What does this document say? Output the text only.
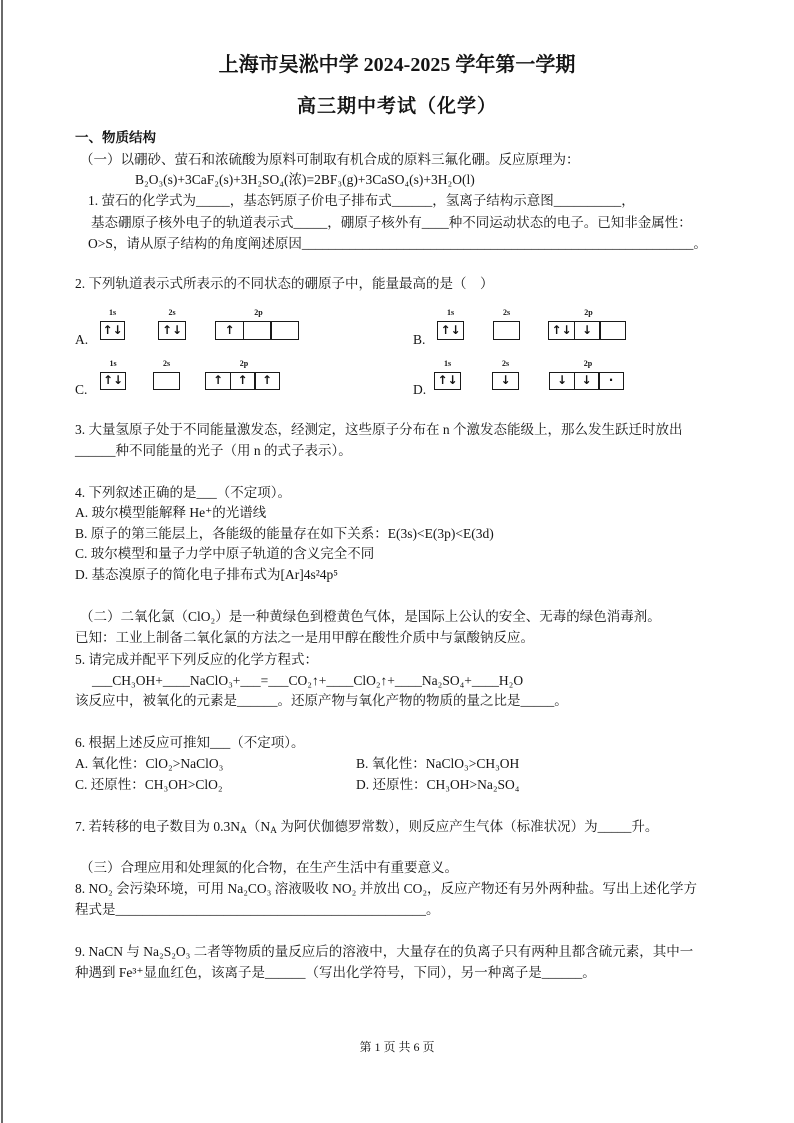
上海市吴淞中学 2024-2025 学年第一学期
高三期中考试（化学）
一、物质结构
（一）以硼砂、萤石和浓硫酸为原料可制取有机合成的原料三氟化硼。反应原理为：
B₂O₃(s)+3CaF₂(s)+3H₂SO₄(浓)=2BF₃(g)+3CaSO₄(s)+3H₂O(l)
1. 萤石的化学式为_____，基态钙原子价电子排布式______，氢离子结构示意图__________，
基态硼原子核外电子的轨道表示式_____，硼原子核外有____种不同运动状态的电子。已知非金属性：
O>S，请从原子结构的角度阐述原因__________________________________________________________。
2. 下列轨道表示式所表示的不同状态的硼原子中，能量最高的是（　）
A.
1s
↑↓
2s
↑↓
2p
↑
B.
1s
↑↓
2s	2p
↑↓ ↓
C.
1s
↑↓
2s	2p
↑	↑	↑
D.
1s
↑↓
2s
↓
2p
↓	↓	·
3. 大量氢原子处于不同能量激发态，经测定，这些原子分布在 n 个激发态能级上，那么发生跃迁时放出
______种不同能量的光子（用 n 的式子表示）。
4. 下列叙述正确的是___（不定项）。
A. 玻尔模型能解释 He⁺的光谱线
B. 原子的第三能层上，各能级的能量存在如下关系：E(3s)<E(3p)<E(3d)
C. 玻尔模型和量子力学中原子轨道的含义完全不同
D. 基态溴原子的简化电子排布式为[Ar]4s²4p⁵
（二）二氧化氯（ClO₂）是一种黄绿色到橙黄色气体，是国际上公认的安全、无毒的绿色消毒剂。
已知：工业上制备二氧化氯的方法之一是用甲醇在酸性介质中与氯酸钠反应。
5. 请完成并配平下列反应的化学方程式：
___CH₃OH+____NaClO₃+___=___CO₂↑+____ClO₂↑+____Na₂SO₄+____H₂O
该反应中，被氧化的元素是______。还原产物与氧化产物的物质的量之比是_____。
6. 根据上述反应可推知___（不定项）。
A. 氧化性：ClO₂>NaClO₃	B. 氧化性：NaClO₃>CH₃OH
C. 还原性：CH₃OH>ClO₂	D. 还原性：CH₃OH>Na₂SO₄
7. 若转移的电子数目为 $0.3N_A(N_A$ 为阿伏伽德罗常数），则反应产生气体（标准状况）为_____升。
（三）合理应用和处理氮的化合物，在生产生活中有重要意义。
8. NO₂ 会污染环境，可用 Na₂CO₃ 溶液吸收 NO₂ 并放出 CO₂，反应产物还有另外两种盐。写出上述化学方
程式是______________________________________________。
9. NaCN 与 Na₂S₂O₃ 二者等物质的量反应后的溶液中，大量存在的负离子只有两种且都含硫元素，其中一
种遇到 Fe³⁺显血红色，该离子是______（写出化学符号，下同），另一种离子是______。
第 1 页 共 6 页
